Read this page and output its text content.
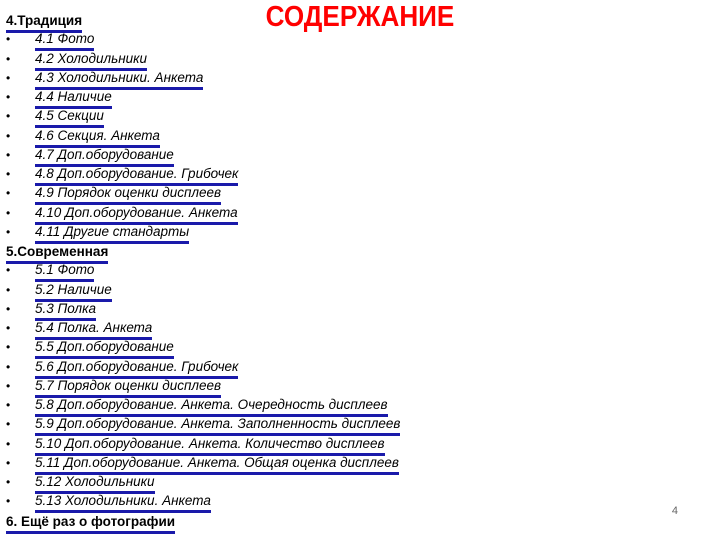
СОДЕРЖАНИЕ
4.Традиция
• 4.1 Фото
• 4.2 Холодильники
• 4.3 Холодильники. Анкета
• 4.4 Наличие
• 4.5 Секции
• 4.6 Секция. Анкета
• 4.7 Доп.оборудование
• 4.8 Доп.оборудование. Грибочек
• 4.9 Порядок оценки дисплеев
• 4.10 Доп.оборудование. Анкета
• 4.11 Другие стандарты
5.Современная
• 5.1 Фото
• 5.2 Наличие
• 5.3 Полка
• 5.4 Полка. Анкета
• 5.5 Доп.оборудование
• 5.6 Доп.оборудование. Грибочек
• 5.7 Порядок оценки дисплеев
• 5.8 Доп.оборудование. Анкета. Очередность дисплеев
• 5.9 Доп.оборудование. Анкета. Заполненность дисплеев
• 5.10 Доп.оборудование. Анкета. Количество дисплеев
• 5.11 Доп.оборудование. Анкета. Общая оценка дисплеев
• 5.12 Холодильники
• 5.13 Холодильники. Анкета
6. Ещё раз о фотографии
4
